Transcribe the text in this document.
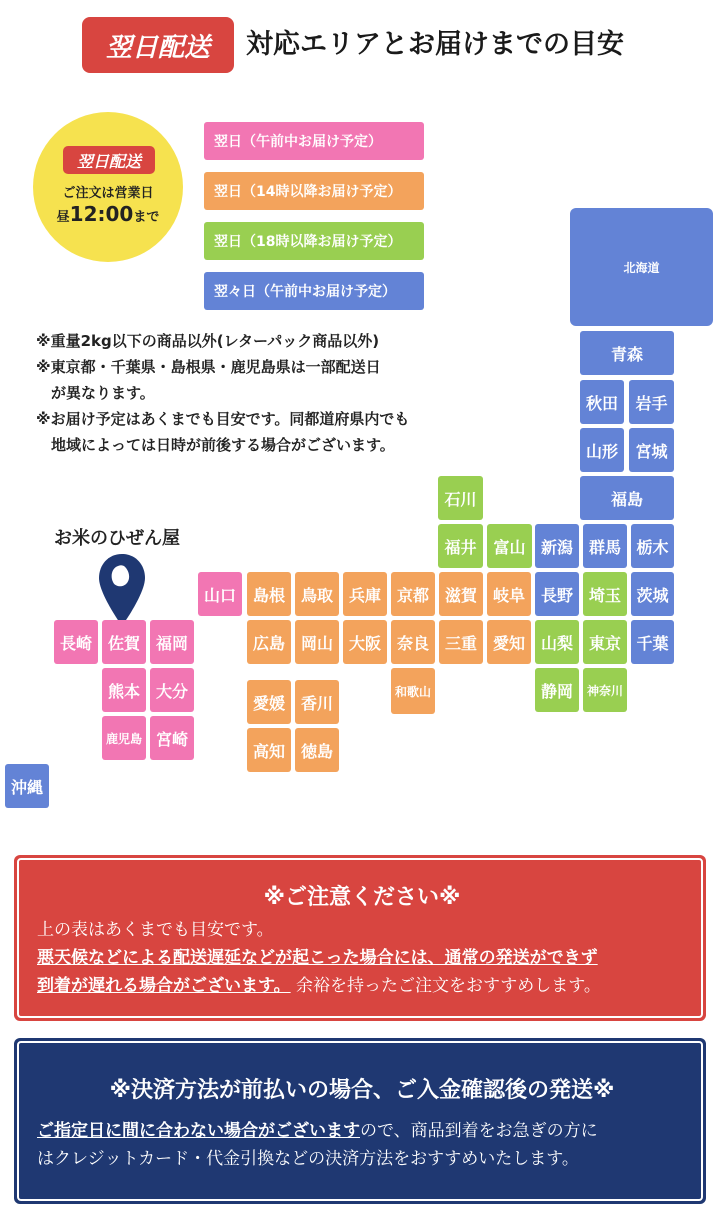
翌日配送	対応エリアとお届けまでの目安
翌日配送
ご注文は営業日
昼12:00まで
翌日（午前中お届け予定）
翌日（14時以降お届け予定）
翌日（18時以降お届け予定）
翌々日（午前中お届け予定）
※重量2kg以下の商品以外(レターパック商品以外)
※東京都・千葉県・島根県・鹿児島県は一部配送日
　が異なります。
※お届け予定はあくまでも目安です。同都道府県内でも
　地域によっては日時が前後する場合がございます。
お米のひぜん屋
北海道
青森
秋田	岩手
山形	宮城
福島
石川
福井	富山 新潟 群馬 栃木
山口	島根 鳥取 兵庫 京都 滋賀 岐阜 長野 埼玉 茨城
長崎 佐賀 福岡	広島 岡山 大阪 奈良 三重 愛知 山梨 東京 千葉
熊本 大分	和歌山	静岡	神奈川
愛媛 香川
鹿児島 宮崎
高知 徳島
沖縄
※ご注意ください※
上の表はあくまでも目安です。
悪天候などによる配送遅延などが起こった場合には、通常の発送ができず
到着が遅れる場合がございます。 余裕を持ったご注文をおすすめします。
※決済方法が前払いの場合、ご入金確認後の発送※
ご指定日に間に合わない場合がございますので、商品到着をお急ぎの方に
はクレジットカード・代金引換などの決済方法をおすすめいたします。
